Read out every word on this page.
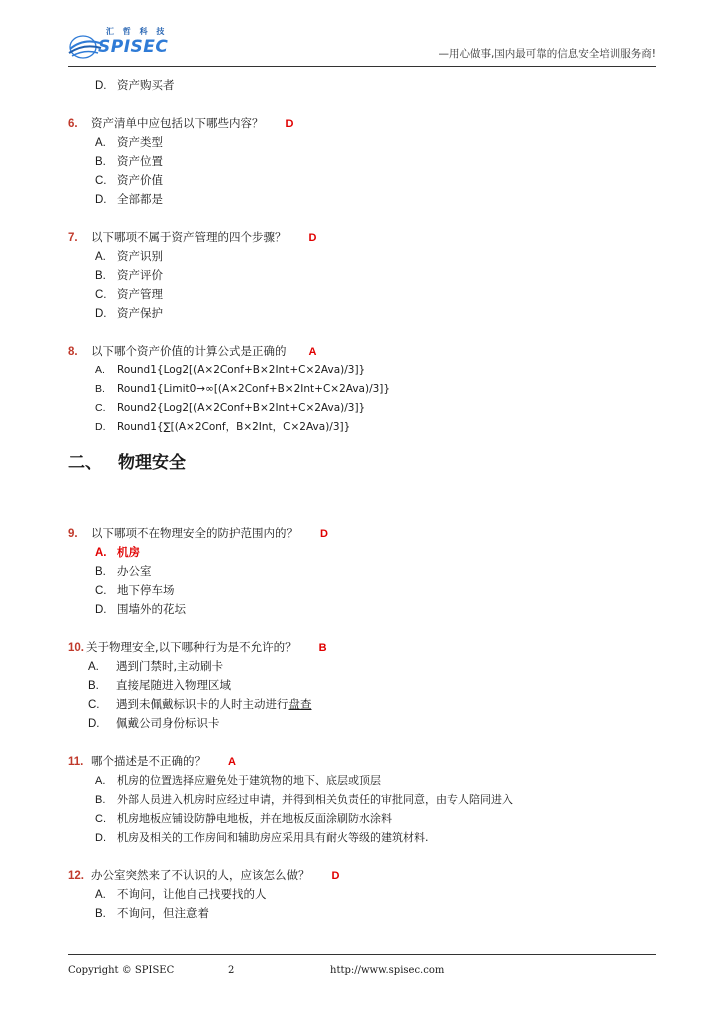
汇 哲 科 技
SPISEC	—用心做事,国内最可靠的信息安全培训服务商!
D. 资产购买者
6. 资产清单中应包括以下哪些内容？ D
A. 资产类型
B. 资产位置
C. 资产价值
D. 全部都是
7. 以下哪项不属于资产管理的四个步骤？ D
A. 资产识别
B. 资产评价
C. 资产管理
D. 资产保护
8. 以下哪个资产价值的计算公式是正确的 A
A. Round1{Log2[(A×2Conf+B×2Int+C×2Ava)/3]}
B. Round1{Limit0→∞[(A×2Conf+B×2Int+C×2Ava)/3]}
C. Round2{Log2[(A×2Conf+B×2Int+C×2Ava)/3]}
D. Round1{∑[(A×2Conf，B×2Int，C×2Ava)/3]}
二、 物理安全
9. 以下哪项不在物理安全的防护范围内的？ D
A. 机房
B. 办公室
C. 地下停车场
D. 围墙外的花坛
10. 关于物理安全,以下哪种行为是不允许的？ B
A. 遇到门禁时,主动刷卡
B. 直接尾随进入物理区域
C. 遇到未佩戴标识卡的人时主动进行盘查
D. 佩戴公司身份标识卡
11. 哪个描述是不正确的？ A
A. 机房的位置选择应避免处于建筑物的地下、底层或顶层
B. 外部人员进入机房时应经过申请，并得到相关负责任的审批同意，由专人陪同进入
C. 机房地板应铺设防静电地板，并在地板反面涂刷防水涂料
D. 机房及相关的工作房间和辅助房应采用具有耐火等级的建筑材料.
12. 办公室突然来了不认识的人，应该怎么做？ D
A. 不询问，让他自己找要找的人
B. 不询问，但注意着
Copyright © SPISEC	2	http://www.spisec.com
